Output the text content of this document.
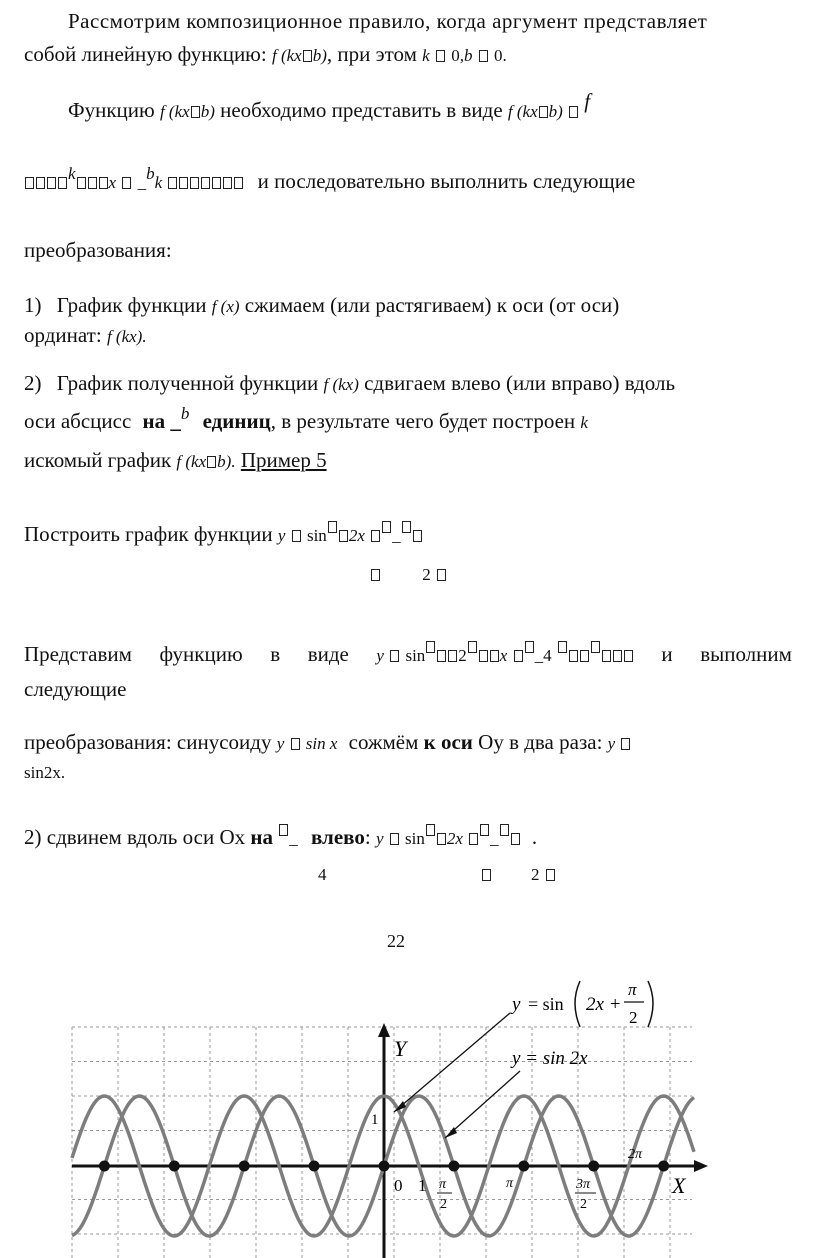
Рассмотрим композиционное правило, когда аргумент представляет
собой линейную функцию: f (kx b), при этом k 0,b 0.
Функцию f (kx b) необходимо представить в виде f (kx b) f
$^k$ x _$^b$k	и последовательно выполнить следующие
преобразования:
1) График функции f (x) сжимаем (или растягиваем) к оси (от оси)
ординат: f (kx).
2) График полученной функции f (kx) сдвигаем влево (или вправо) вдоль
оси абсцисс на _$^b$ единиц, в результате чего будет построен k
искомый график f (kx b). Пример 5
Построить график функции y sin 2x _
2
Представим функцию в виде y sin 2 x _4	и выполним
следующие
преобразования: синусоиду y sin x сожмём к оси Оу в два раза: y
sin2x.
2) сдвинем вдоль оси Ох на _ влево: y sin 2x _ .
4	2
22
y = sin 2x +
π
2
y = sin 2x
Y
X
1
0 1 π
2
π	3π
2
2π
